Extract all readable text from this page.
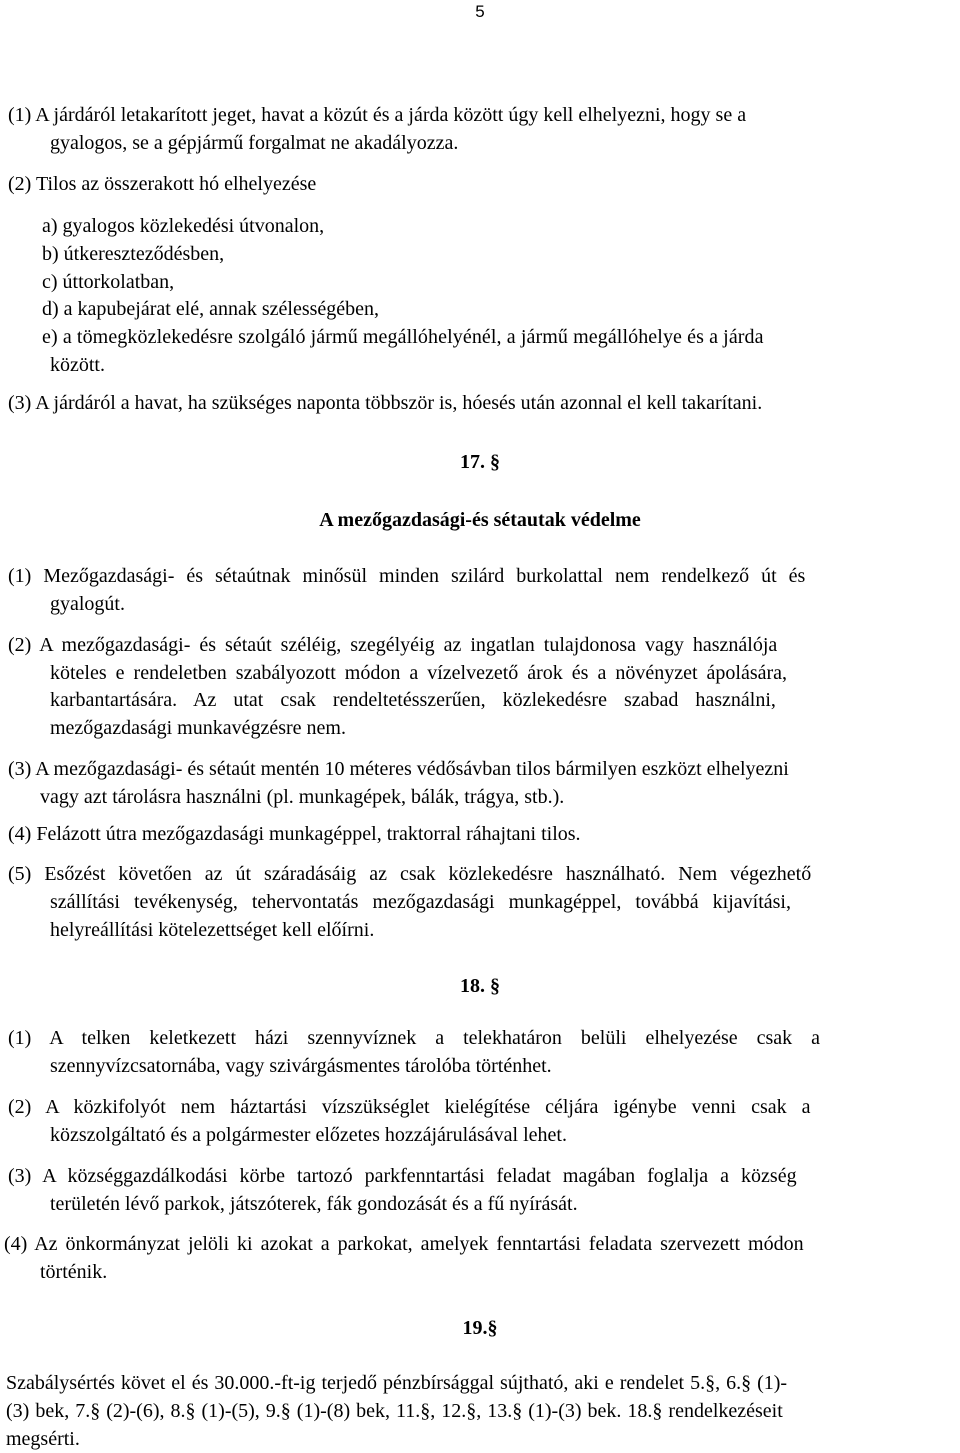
5
(1) A járdáról letakarított jeget, havat a közút és a járda között úgy kell elhelyezni, hogy se a
gyalogos, se a gépjármű forgalmat ne akadályozza.
(2) Tilos az összerakott hó elhelyezése
a) gyalogos közlekedési útvonalon,
b) útkereszteződésben,
c) úttorkolatban,
d) a kapubejárat elé, annak szélességében,
e) a tömegközlekedésre szolgáló jármű megállóhelyénél, a jármű megállóhelye és a járda
között.
(3) A járdáról a havat, ha szükséges naponta többször is, hóesés után azonnal el kell takarítani.
17. §
A mezőgazdasági-és sétautak védelme
(1) Mezőgazdasági- és sétaútnak minősül minden szilárd burkolattal nem rendelkező út és
gyalogút.
(2) A mezőgazdasági- és sétaút széléig, szegélyéig az ingatlan tulajdonosa vagy használója
köteles e rendeletben szabályozott módon a vízelvezető árok és a növényzet ápolására,
karbantartására. Az utat csak rendeltetésszerűen, közlekedésre szabad használni,
mezőgazdasági munkavégzésre nem.
(3) A mezőgazdasági- és sétaút mentén 10 méteres védősávban tilos bármilyen eszközt elhelyezni
vagy azt tárolásra használni (pl. munkagépek, bálák, trágya, stb.).
(4) Felázott útra mezőgazdasági munkagéppel, traktorral ráhajtani tilos.
(5) Esőzést követően az út száradásáig az csak közlekedésre használható. Nem végezhető
szállítási tevékenység, tehervontatás mezőgazdasági munkagéppel, továbbá kijavítási,
helyreállítási kötelezettséget kell előírni.
18. §
(1) A telken keletkezett házi szennyvíznek a telekhatáron belüli elhelyezése csak a
szennyvízcsatornába, vagy szivárgásmentes tárolóba történhet.
(2) A közkifolyót nem háztartási vízszükséglet kielégítése céljára igénybe venni csak a
közszolgáltató és a polgármester előzetes hozzájárulásával lehet.
(3) A községgazdálkodási körbe tartozó parkfenntartási feladat magában foglalja a község
területén lévő parkok, játszóterek, fák gondozását és a fű nyírását.
(4) Az önkormányzat jelöli ki azokat a parkokat, amelyek fenntartási feladata szervezett módon
történik.
19.§
Szabálysértés követ el és 30.000.-ft-ig terjedő pénzbírsággal sújtható, aki e rendelet 5.§, 6.§ (1)-
(3) bek, 7.§ (2)-(6), 8.§ (1)-(5), 9.§ (1)-(8) bek, 11.§, 12.§, 13.§ (1)-(3) bek. 18.§ rendelkezéseit
megsérti.
